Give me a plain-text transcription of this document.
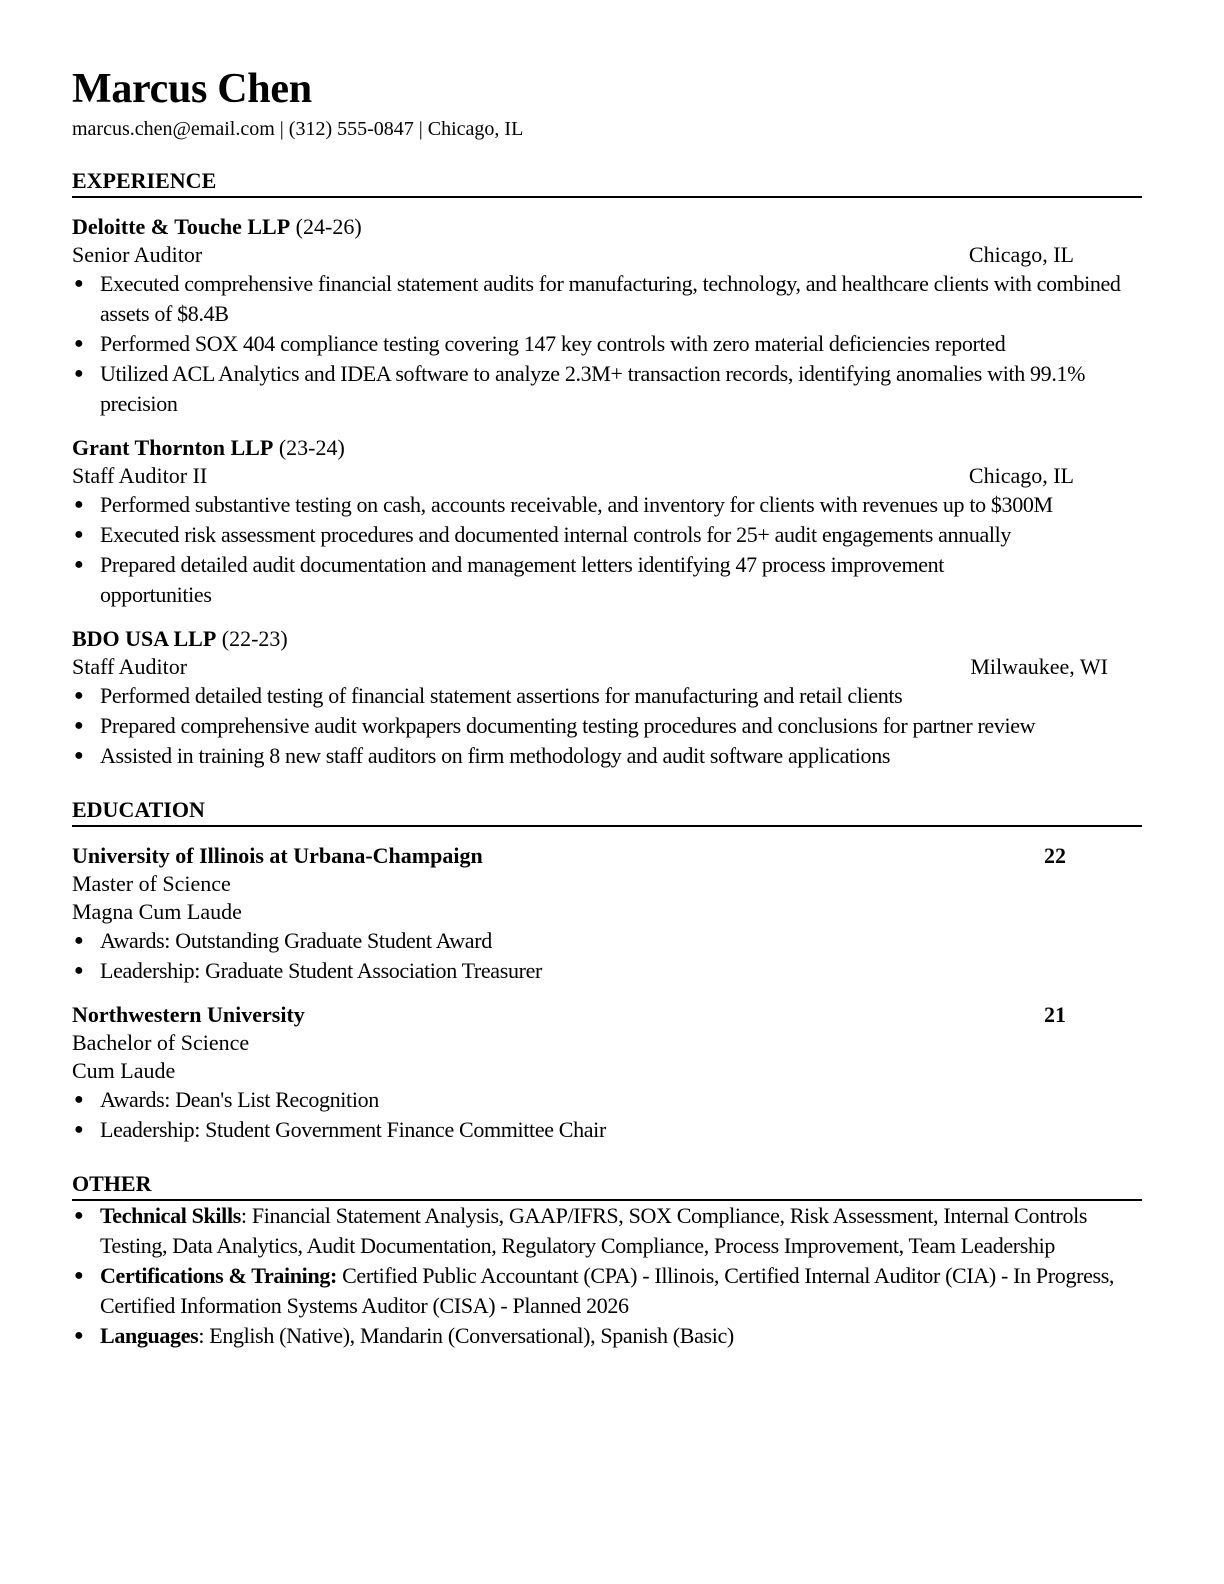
Marcus Chen
marcus.chen@email.com | (312) 555-0847 | Chicago, IL
EXPERIENCE
Deloitte & Touche LLP (24-26)
Senior Auditor	Chicago, IL
● Executed comprehensive financial statement audits for manufacturing, technology, and healthcare clients with combined assets of $8.4B
● Performed SOX 404 compliance testing covering 147 key controls with zero material deficiencies reported
● Utilized ACL Analytics and IDEA software to analyze 2.3M+ transaction records, identifying anomalies with 99.1% precision
Grant Thornton LLP (23-24)
Staff Auditor II	Chicago, IL
● Performed substantive testing on cash, accounts receivable, and inventory for clients with revenues up to $300M
● Executed risk assessment procedures and documented internal controls for 25+ audit engagements annually
● Prepared detailed audit documentation and management letters identifying 47 process improvement opportunities
BDO USA LLP (22-23)
Staff Auditor	Milwaukee, WI
● Performed detailed testing of financial statement assertions for manufacturing and retail clients
● Prepared comprehensive audit workpapers documenting testing procedures and conclusions for partner review
● Assisted in training 8 new staff auditors on firm methodology and audit software applications
EDUCATION
University of Illinois at Urbana-Champaign	22
Master of Science
Magna Cum Laude
● Awards: Outstanding Graduate Student Award
● Leadership: Graduate Student Association Treasurer
Northwestern University	21
Bachelor of Science
Cum Laude
● Awards: Dean's List Recognition
● Leadership: Student Government Finance Committee Chair
OTHER
● Technical Skills: Financial Statement Analysis, GAAP/IFRS, SOX Compliance, Risk Assessment, Internal Controls Testing, Data Analytics, Audit Documentation, Regulatory Compliance, Process Improvement, Team Leadership
● Certifications & Training: Certified Public Accountant (CPA) - Illinois, Certified Internal Auditor (CIA) - In Progress, Certified Information Systems Auditor (CISA) - Planned 2026
● Languages: English (Native), Mandarin (Conversational), Spanish (Basic)
